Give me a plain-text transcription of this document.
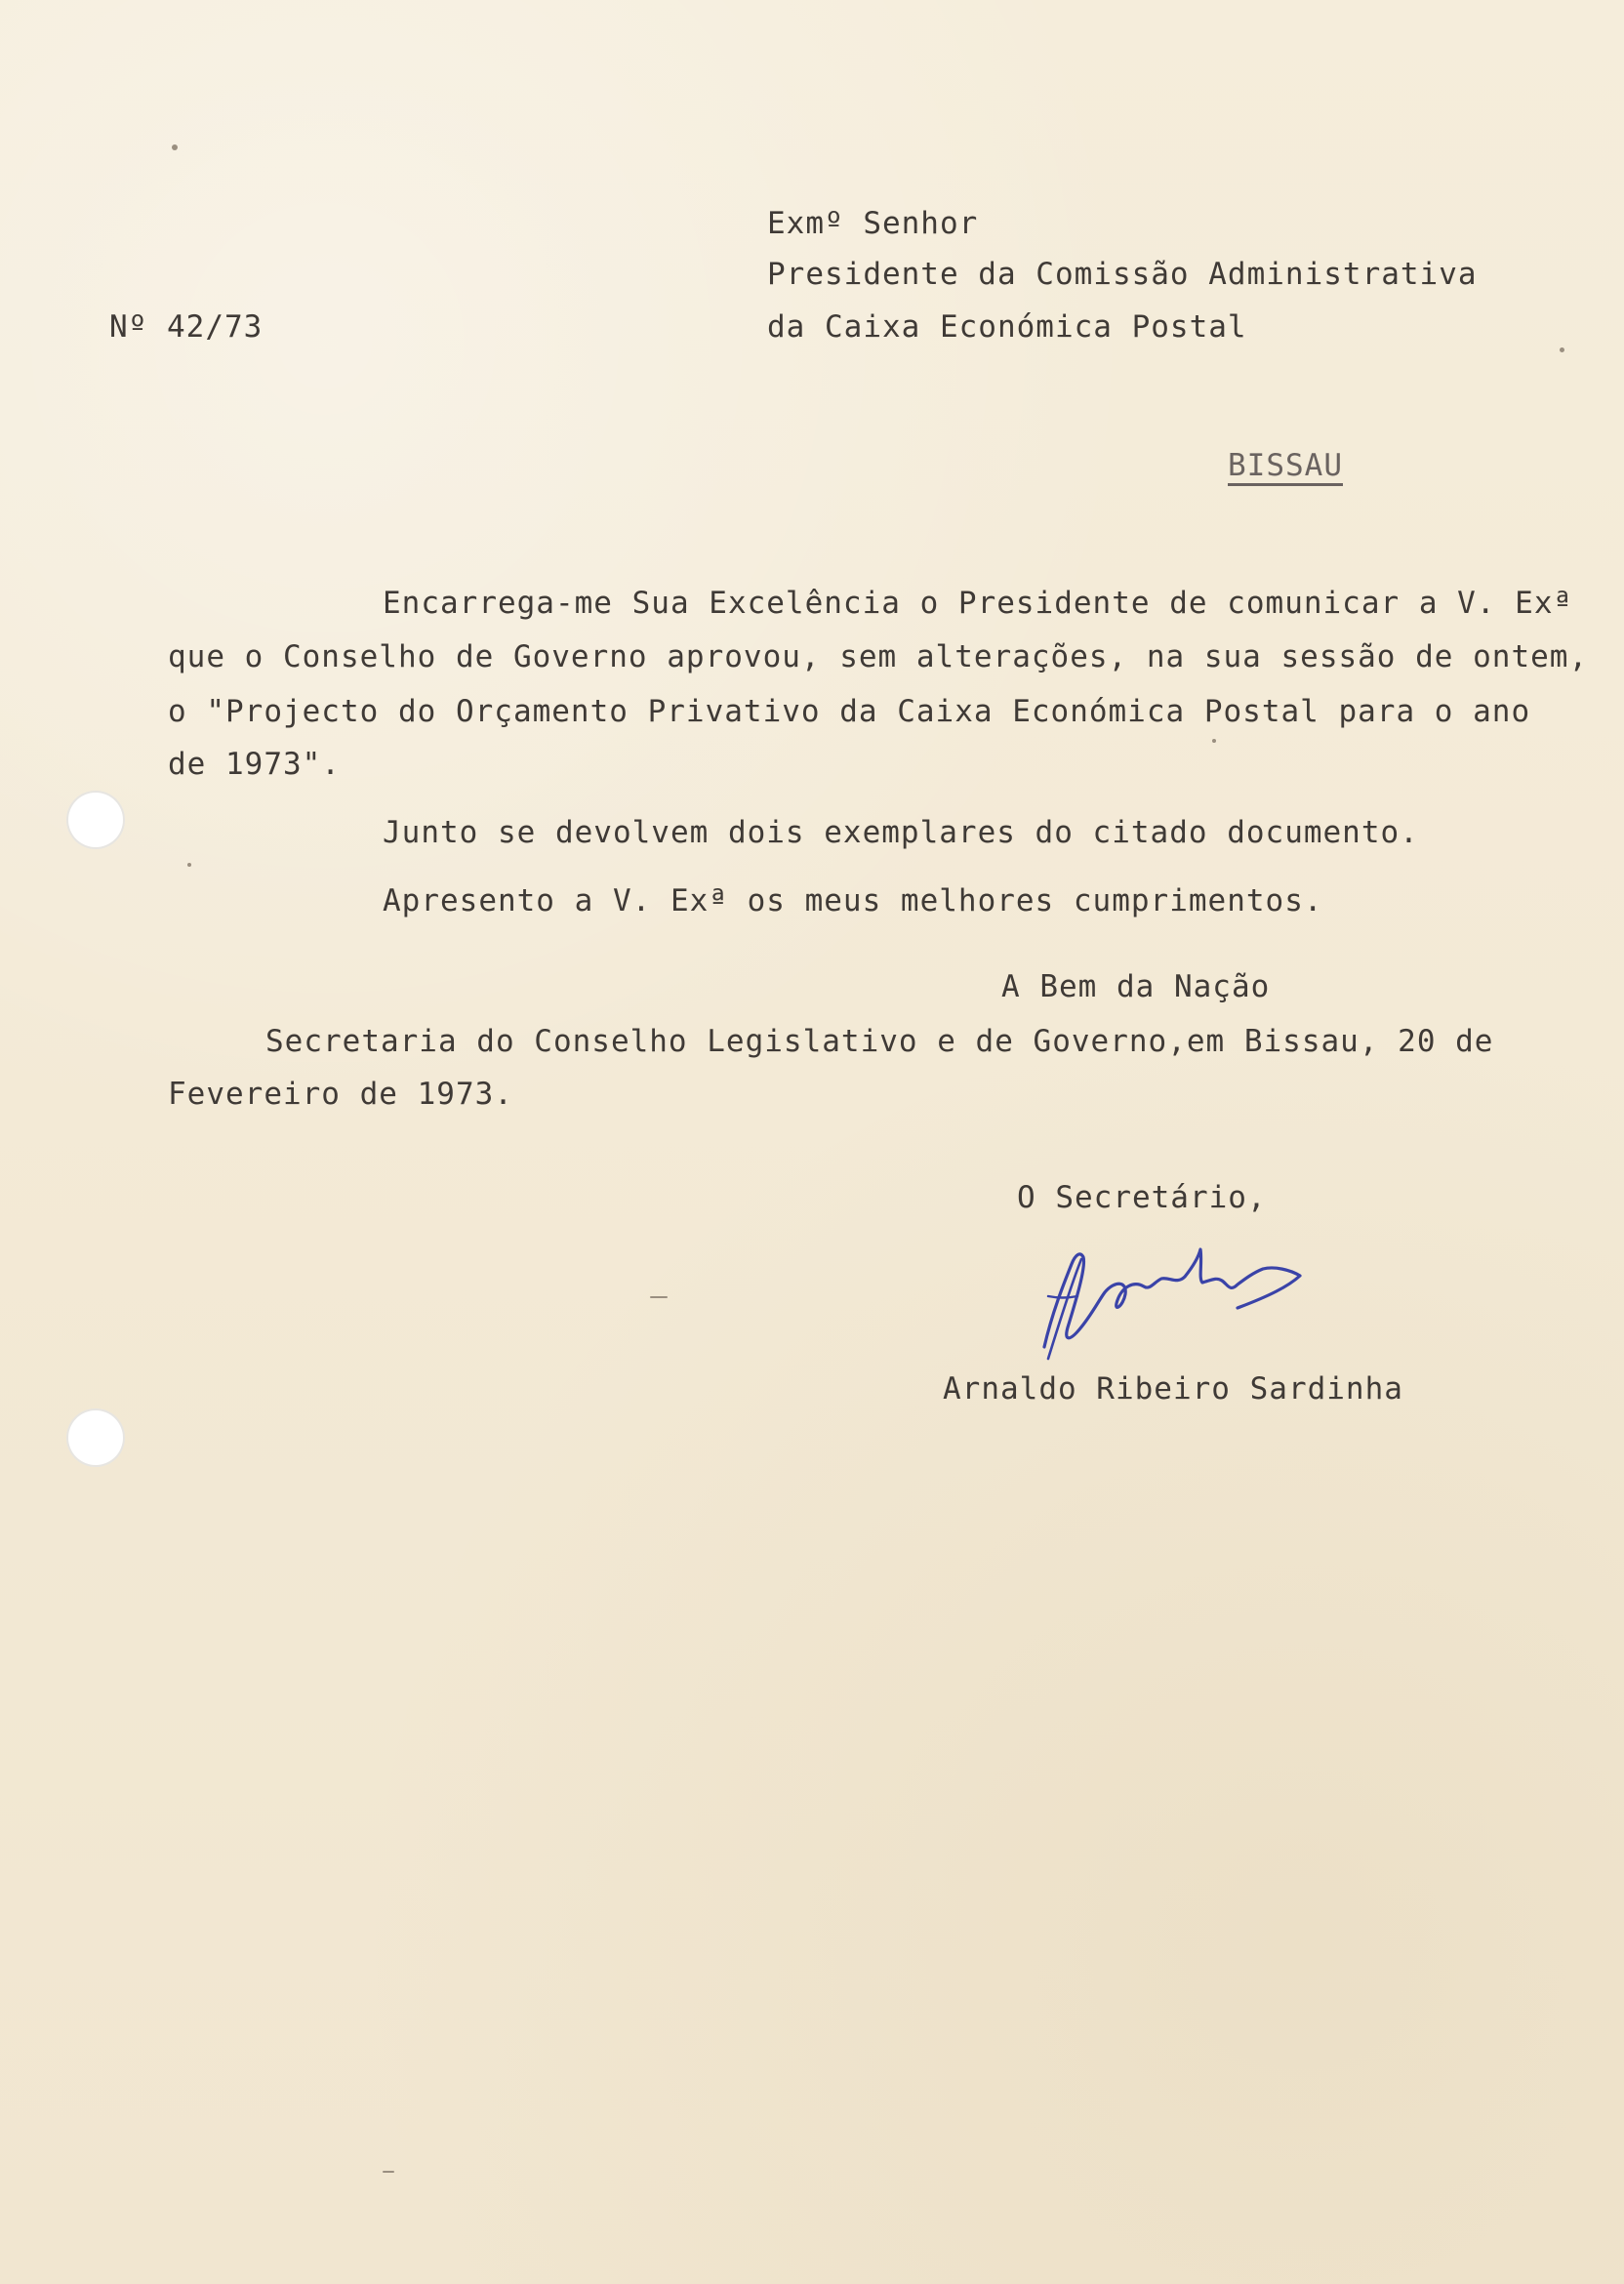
Exmº Senhor
Presidente da Comissão Administrativa
da Caixa Económica Postal
Nº 42/73
BISSAU
Encarrega-me Sua Excelência o Presidente de comunicar a V. Exª
que o Conselho de Governo aprovou, sem alterações, na sua sessão de ontem,
o "Projecto do Orçamento Privativo da Caixa Económica Postal para o ano
de 1973".
Junto se devolvem dois exemplares do citado documento.
Apresento a V. Exª os meus melhores cumprimentos.
A Bem da Nação
Secretaria do Conselho Legislativo e de Governo,em Bissau, 20 de
Fevereiro de 1973.
O Secretário,
Arnaldo Ribeiro Sardinha
